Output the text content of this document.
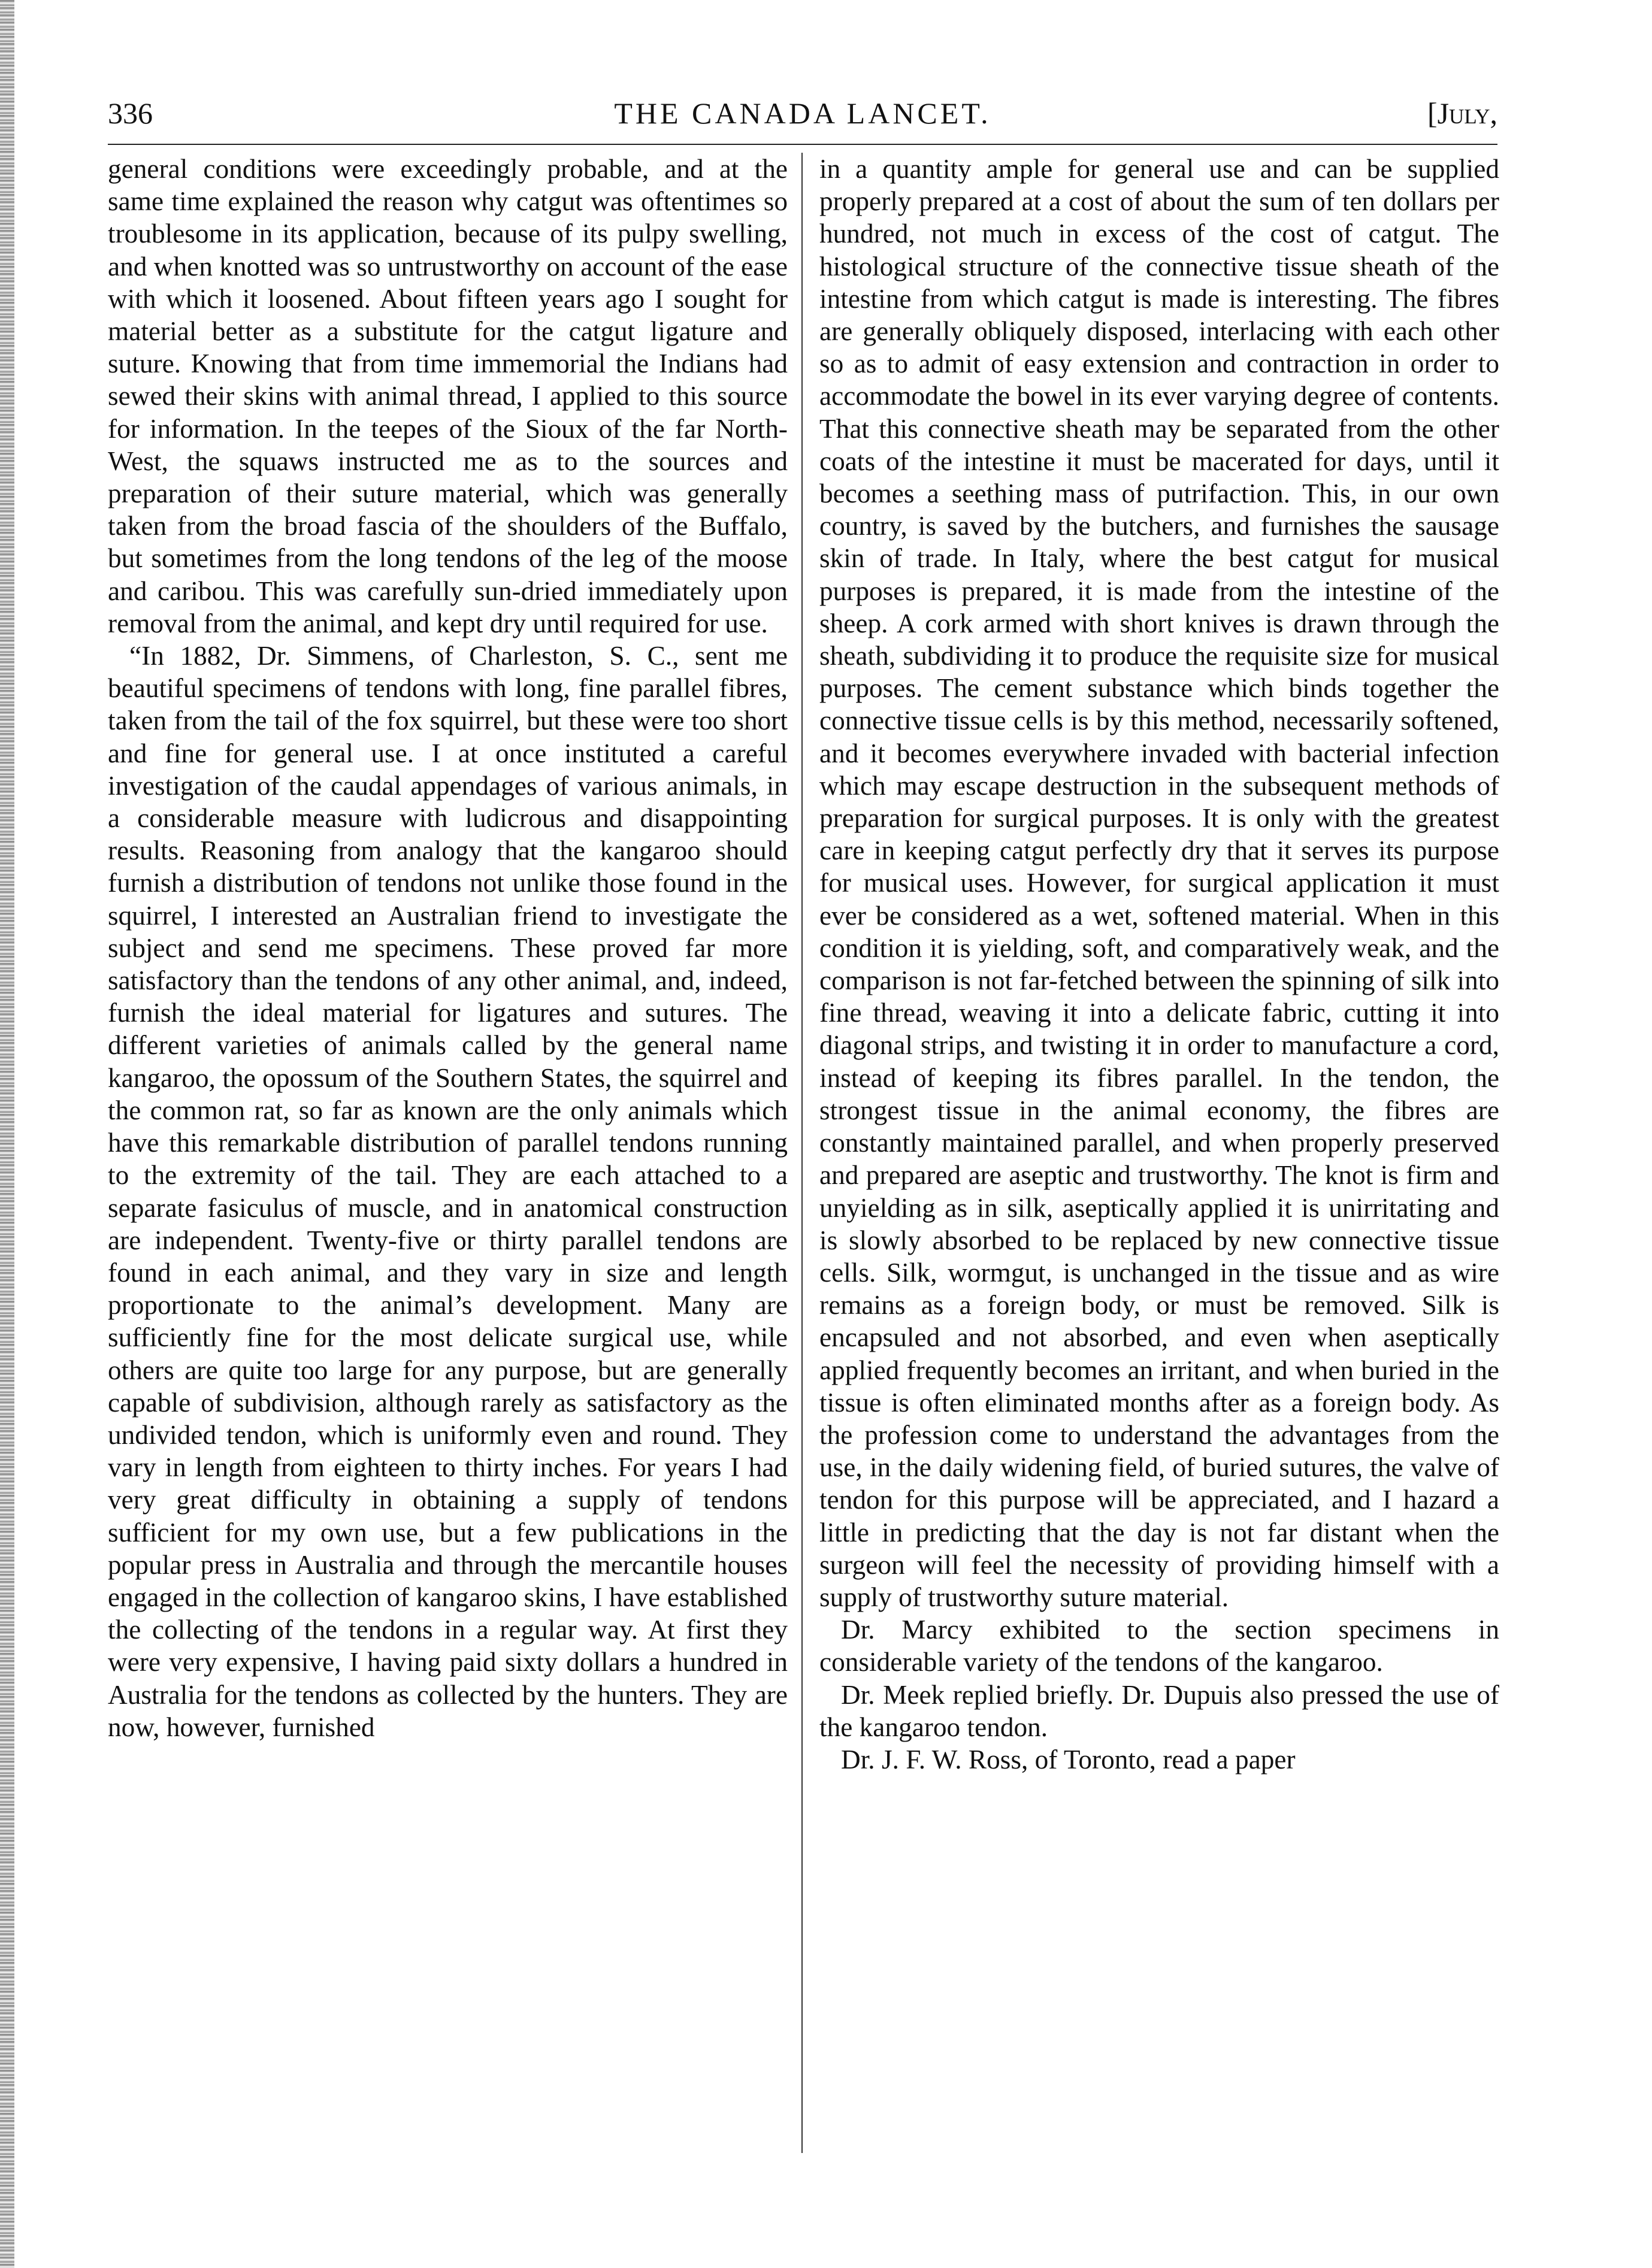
336	THE CANADA LANCET.	[July,

general conditions were exceedingly probable, and at the same time explained the reason why catgut was oftentimes so troublesome in its application, because of its pulpy swelling, and when knotted was so untrustworthy on account of the ease with which it loosened. About fifteen years ago I sought for material better as a substitute for the catgut ligature and suture. Knowing that from time immemorial the Indians had sewed their skins with animal thread, I applied to this source for information. In the teepes of the Sioux of the far North-West, the squaws instructed me as to the sources and preparation of their suture material, which was generally taken from the broad fascia of the shoulders of the Buffalo, but sometimes from the long tendons of the leg of the moose and caribou. This was carefully sun-dried immediately upon removal from the animal, and kept dry until required for use.

“In 1882, Dr. Simmens, of Charleston, S. C., sent me beautiful specimens of tendons with long, fine parallel fibres, taken from the tail of the fox squirrel, but these were too short and fine for general use. I at once instituted a careful investigation of the caudal appendages of various animals, in a considerable measure with ludicrous and disappointing results. Reasoning from analogy that the kangaroo should furnish a distribution of tendons not unlike those found in the squirrel, I interested an Australian friend to investigate the subject and send me specimens. These proved far more satisfactory than the tendons of any other animal, and, indeed, furnish the ideal material for ligatures and sutures. The different varieties of animals called by the general name kangaroo, the opossum of the Southern States, the squirrel and the common rat, so far as known are the only animals which have this remarkable distribution of parallel tendons running to the extremity of the tail. They are each attached to a separate fasiculus of muscle, and in anatomical construction are independent. Twenty-five or thirty parallel tendons are found in each animal, and they vary in size and length proportionate to the animal’s development. Many are sufficiently fine for the most delicate surgical use, while others are quite too large for any purpose, but are generally capable of subdivision, although rarely as satisfactory as the undivided tendon, which is uniformly even and round. They vary in length from eighteen to thirty inches. For years I had very great difficulty in obtaining a supply of tendons sufficient for my own use, but a few publications in the popular press in Australia and through the mercantile houses engaged in the collection of kangaroo skins, I have established the collecting of the tendons in a regular way. At first they were very expensive, I having paid sixty dollars a hundred in Australia for the tendons as collected by the hunters. They are now, however, furnished

in a quantity ample for general use and can be supplied properly prepared at a cost of about the sum of ten dollars per hundred, not much in excess of the cost of catgut. The histological structure of the connective tissue sheath of the intestine from which catgut is made is interesting. The fibres are generally obliquely disposed, interlacing with each other so as to admit of easy extension and contraction in order to accommodate the bowel in its ever varying degree of contents. That this connective sheath may be separated from the other coats of the intestine it must be macerated for days, until it becomes a seething mass of putrifaction. This, in our own country, is saved by the butchers, and furnishes the sausage skin of trade. In Italy, where the best catgut for musical purposes is prepared, it is made from the intestine of the sheep. A cork armed with short knives is drawn through the sheath, subdividing it to produce the requisite size for musical purposes. The cement substance which binds together the connective tissue cells is by this method, necessarily softened, and it becomes everywhere invaded with bacterial infection which may escape destruction in the subsequent methods of preparation for surgical purposes. It is only with the greatest care in keeping catgut perfectly dry that it serves its purpose for musical uses. However, for surgical application it must ever be considered as a wet, softened material. When in this condition it is yielding, soft, and comparatively weak, and the comparison is not far-fetched between the spinning of silk into fine thread, weaving it into a delicate fabric, cutting it into diagonal strips, and twisting it in order to manufacture a cord, instead of keeping its fibres parallel. In the tendon, the strongest tissue in the animal economy, the fibres are constantly maintained parallel, and when properly preserved and prepared are aseptic and trustworthy. The knot is firm and unyielding as in silk, aseptically applied it is unirritating and is slowly absorbed to be replaced by new connective tissue cells. Silk, wormgut, is unchanged in the tissue and as wire remains as a foreign body, or must be removed. Silk is encapsuled and not absorbed, and even when aseptically applied frequently becomes an irritant, and when buried in the tissue is often eliminated months after as a foreign body. As the profession come to understand the advantages from the use, in the daily widening field, of buried sutures, the valve of tendon for this purpose will be appreciated, and I hazard a little in predicting that the day is not far distant when the surgeon will feel the necessity of providing himself with a supply of trustworthy suture material.

Dr. Marcy exhibited to the section specimens in considerable variety of the tendons of the kangaroo.

Dr. Meek replied briefly. Dr. Dupuis also pressed the use of the kangaroo tendon.

Dr. J. F. W. Ross, of Toronto, read a paper
